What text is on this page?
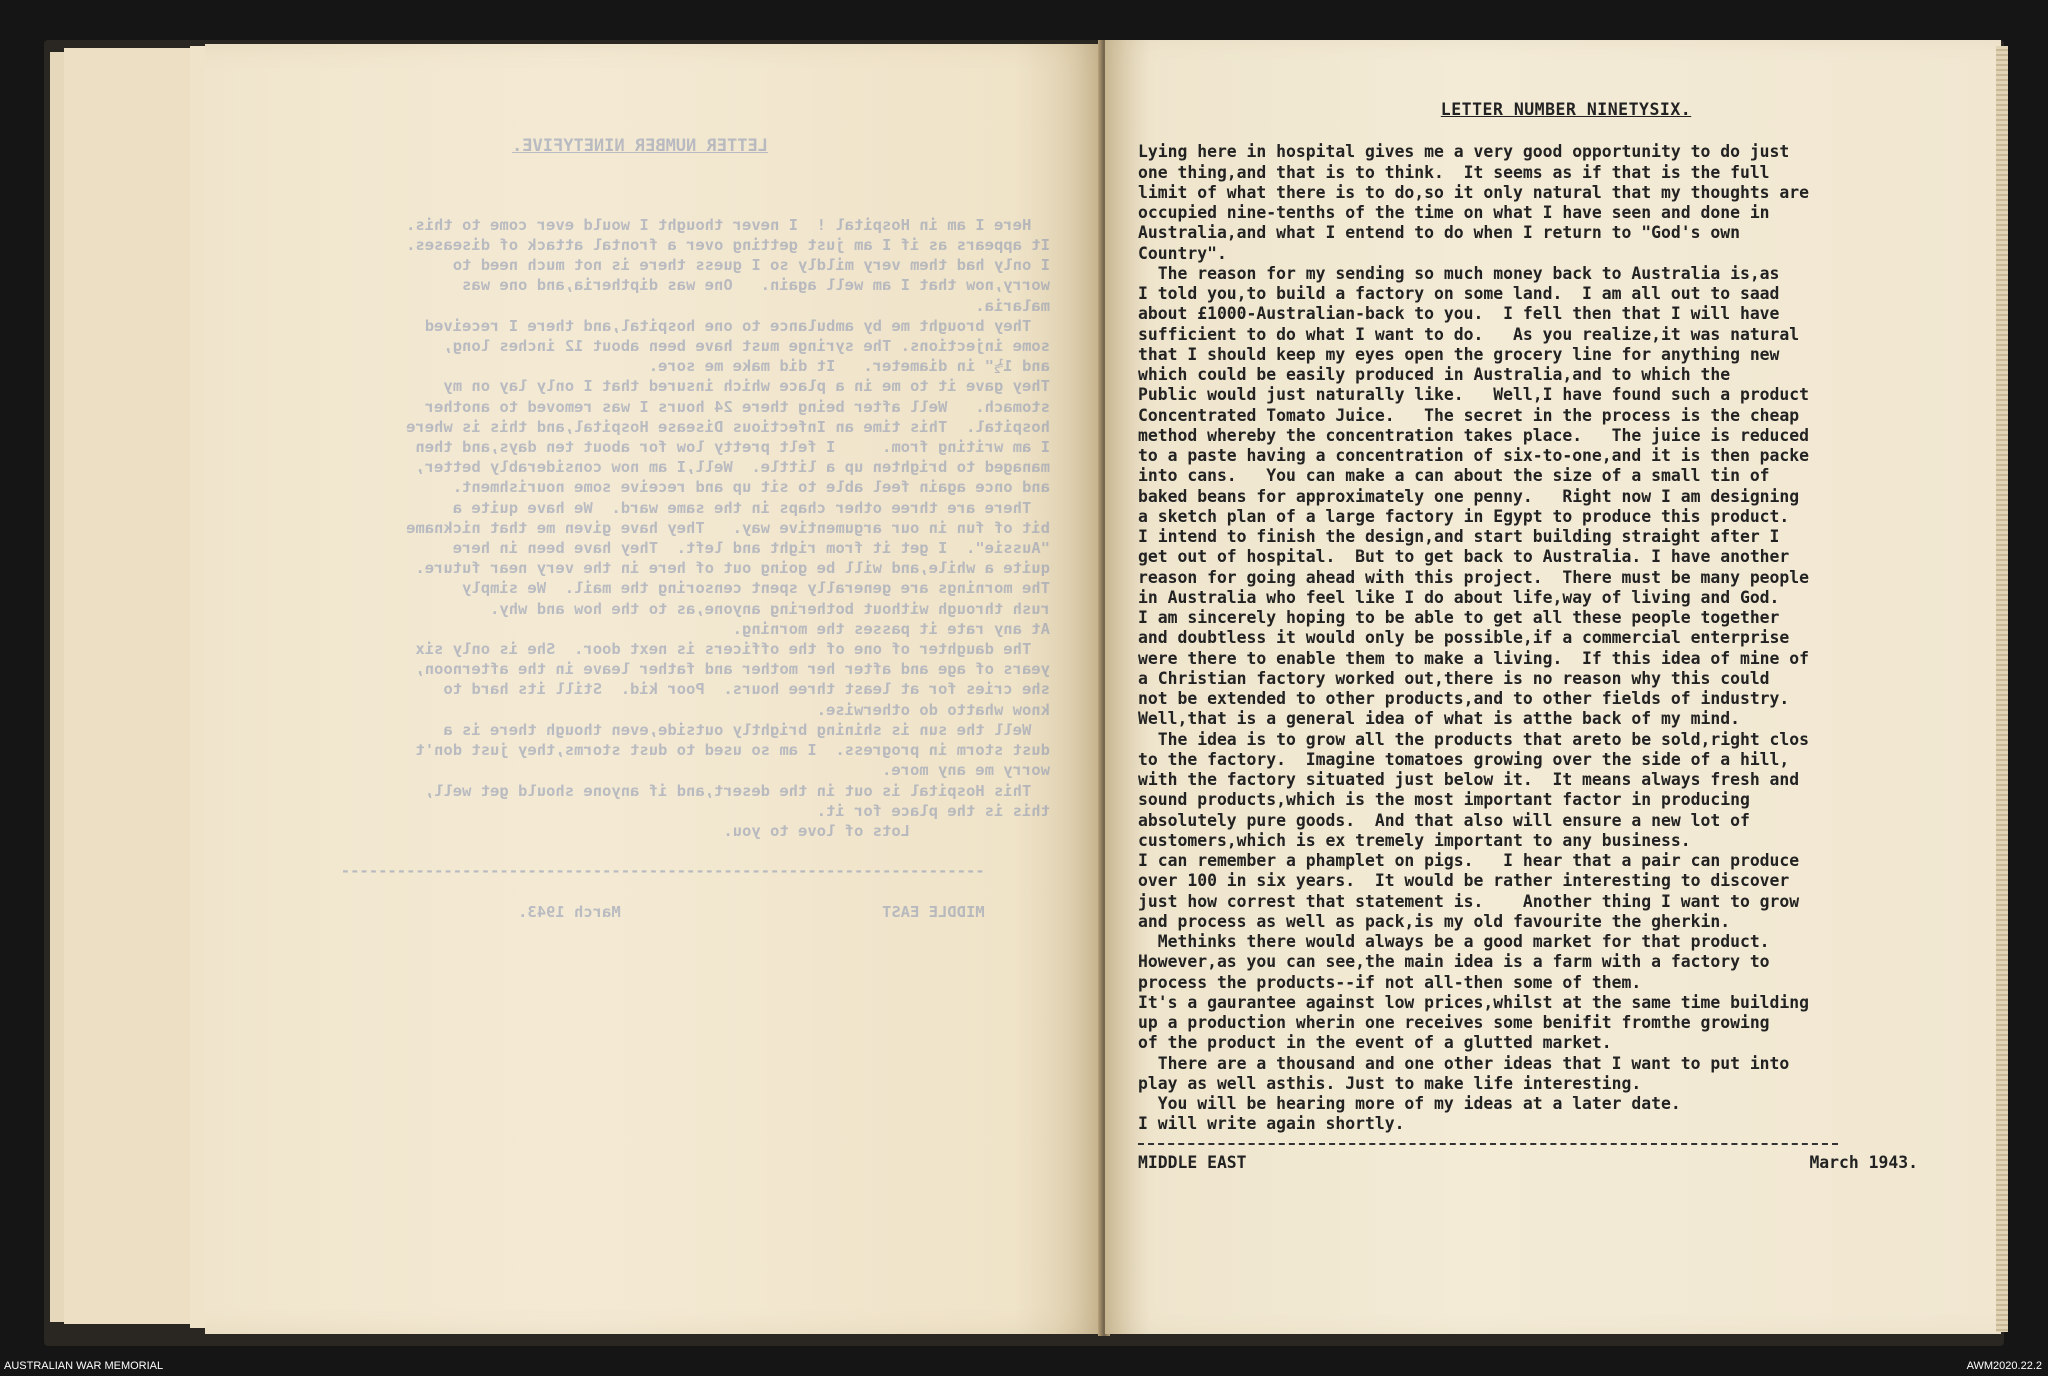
LETTER NUMBER NINETYFIVE.

Here I am in Hospital !  I never thought I would ever come to this.
It appears as if I am just getting over a frontal attack of diseases.
I only had them very mildly so I guess there is not much need to
worry,now that I am well again.   One was diptheria,and one was
malaria.
They brought me by ambulance to one hospital,and there I received
some injections. The syringe must have been about 12 inches long,
and 1½" in diameter.   It did make me sore.
They gave it to me in a place which insured that I only lay on my
stomach.   Well after being there 24 hours I was removed to another
hospital.  This time an Infectious Disease Hospital,and this is where
I am writing from.     I felt pretty low for about ten days,and then
managed to brighten up a little.  Well,I am now considerably better,
and once again feel able to sit up and receive some nourishment.
There are three other chaps in the same ward.  We have quite a
bit of fun in our argumentive way.   They have given me that nickname
"Aussie".  I get it from right and left.  They have been in here
quite a while,and will be going out of here in the very near future.
The mornings are generally spent censoring the mail.  We simply
rush through without bothering anyone,as to the how and why.
At any rate it passes the morning.
The daughter of one of the officers is next door.  She is only six
years of age and after her mother and father leave in the afternoon,
she cries for at least three hours.  Poor kid.  Still its hard to
know whatto do otherwise.
Well the sun is shining brightly outside,even though there is a
dust storm in progress.  I am so used to dust storms,they just don't
worry me any more.
This Hospital is out in the desert,and if anyone should get well,
this is the place for it.
Lots of love to you.

---------------------------------------------------------------------

MIDDLE EAST                            March 1943.

LETTER NUMBER NINETYSIX.
Lying here in hospital gives me a very good opportunity to do just
one thing,and that is to think.  It seems as if that is the full
limit of what there is to do,so it only natural that my thoughts are
occupied nine-tenths of the time on what I have seen and done in
Australia,and what I entend to do when I return to "God's own
Country".
The reason for my sending so much money back to Australia is,as
I told you,to build a factory on some land.  I am all out to saad
about £1000-Australian-back to you.  I fell then that I will have
sufficient to do what I want to do.   As you realize,it was natural
that I should keep my eyes open the grocery line for anything new
which could be easily produced in Australia,and to which the
Public would just naturally like.   Well,I have found such a product
Concentrated Tomato Juice.   The secret in the process is the cheap
method whereby the concentration takes place.   The juice is reduced
to a paste having a concentration of six-to-one,and it is then packe
into cans.   You can make a can about the size of a small tin of
baked beans for approximately one penny.   Right now I am designing
a sketch plan of a large factory in Egypt to produce this product.
I intend to finish the design,and start building straight after I
get out of hospital.  But to get back to Australia. I have another
reason for going ahead with this project.  There must be many people
in Australia who feel like I do about life,way of living and God.
I am sincerely hoping to be able to get all these people together
and doubtless it would only be possible,if a commercial enterprise
were there to enable them to make a living.  If this idea of mine of
a Christian factory worked out,there is no reason why this could
not be extended to other products,and to other fields of industry.
Well,that is a general idea of what is atthe back of my mind.
The idea is to grow all the products that areto be sold,right clos
to the factory.  Imagine tomatoes growing over the side of a hill,
with the factory situated just below it.  It means always fresh and
sound products,which is the most important factor in producing
absolutely pure goods.  And that also will ensure a new lot of
customers,which is ex tremely important to any business.
I can remember a phamplet on pigs.   I hear that a pair can produce
over 100 in six years.  It would be rather interesting to discover
just how correst that statement is.    Another thing I want to grow
and process as well as pack,is my old favourite the gherkin.
Methinks there would always be a good market for that product.
However,as you can see,the main idea is a farm with a factory to
process the products--if not all-then some of them.
It's a gaurantee against low prices,whilst at the same time building
up a production wherin one receives some benifit fromthe growing
of the product in the event of a glutted market.
There are a thousand and one other ideas that I want to put into
play as well asthis. Just to make life interesting.
You will be hearing more of my ideas at a later date.
I will write again shortly.
MIDDLE EAST	March 1943.
AUSTRALIAN WAR MEMORIAL	AWM2020.22.2
